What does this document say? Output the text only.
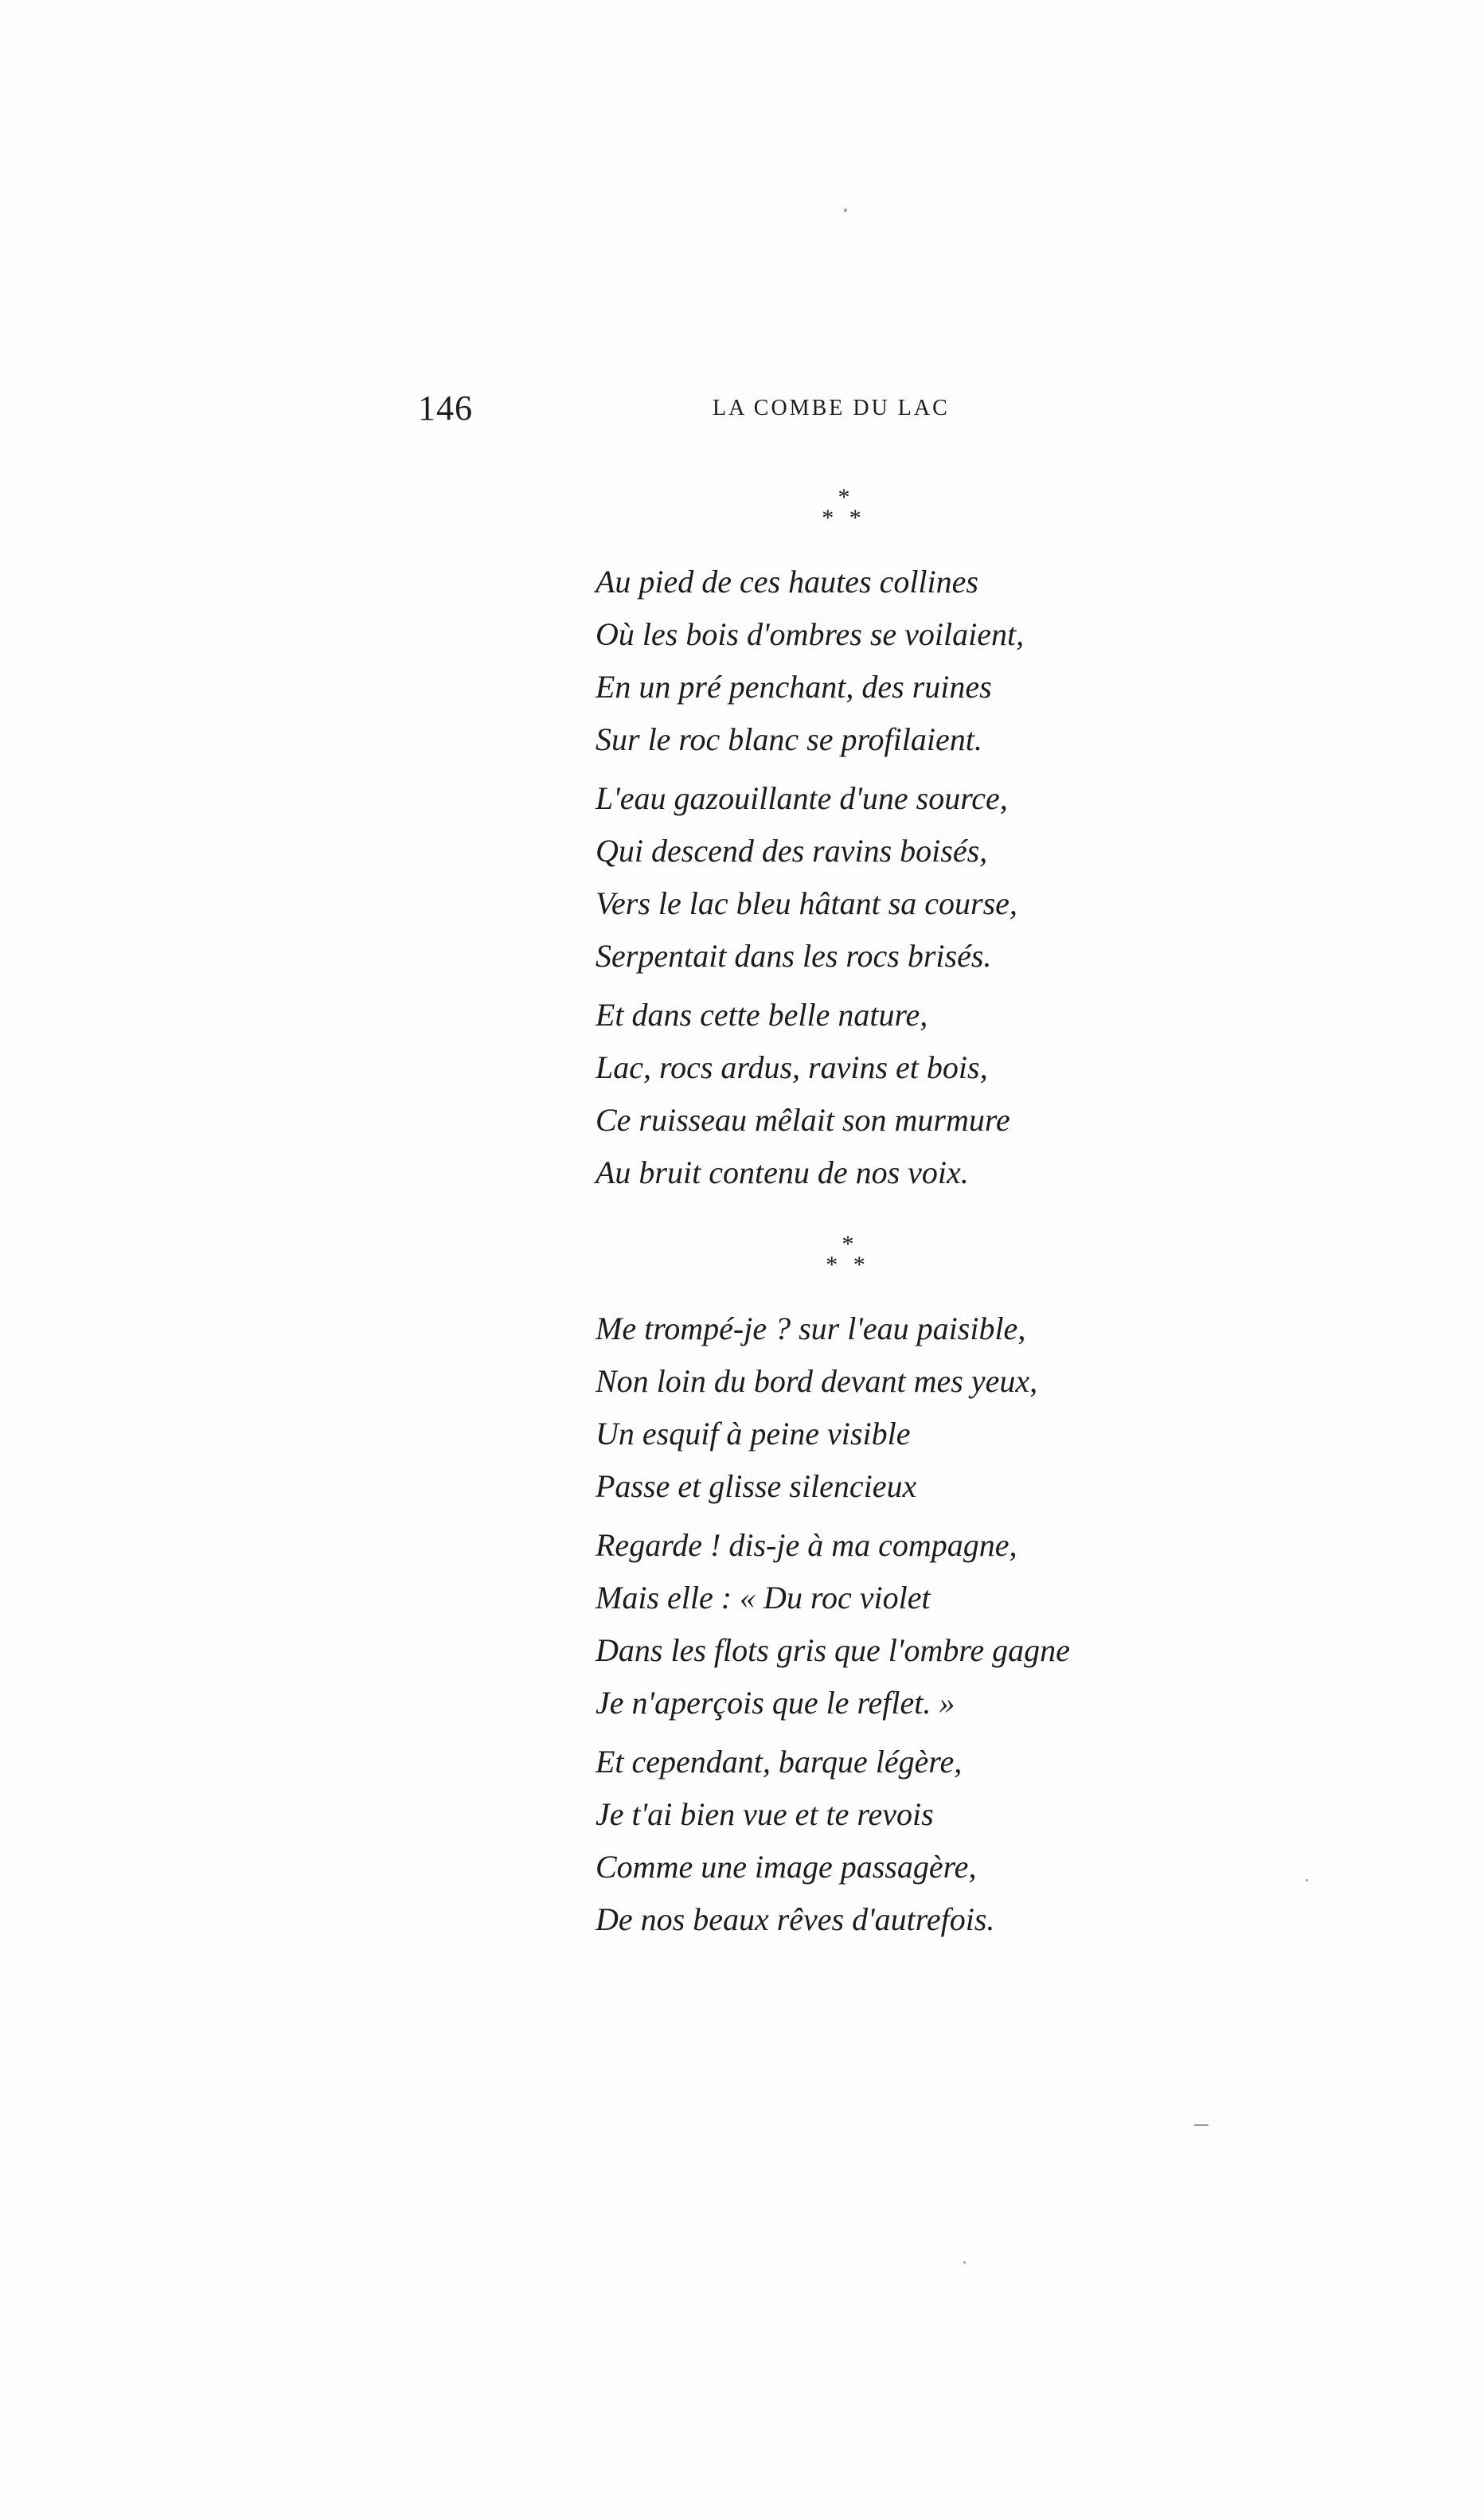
146	LA COMBE DU LAC
*
* *
Au pied de ces hautes collines
Où les bois d'ombres se voilaient,
En un pré penchant, des ruines
Sur le roc blanc se profilaient.
L'eau gazouillante d'une source,
Qui descend des ravins boisés,
Vers le lac bleu hâtant sa course,
Serpentait dans les rocs brisés.
Et dans cette belle nature,
Lac, rocs ardus, ravins et bois,
Ce ruisseau mêlait son murmure
Au bruit contenu de nos voix.
*
* *
Me trompé-je ? sur l'eau paisible,
Non loin du bord devant mes yeux,
Un esquif à peine visible
Passe et glisse silencieux
Regarde ! dis-je à ma compagne,
Mais elle : « Du roc violet
Dans les flots gris que l'ombre gagne
Je n'aperçois que le reflet. »
Et cependant, barque légère,
Je t'ai bien vue et te revois
Comme une image passagère,
De nos beaux rêves d'autrefois.
